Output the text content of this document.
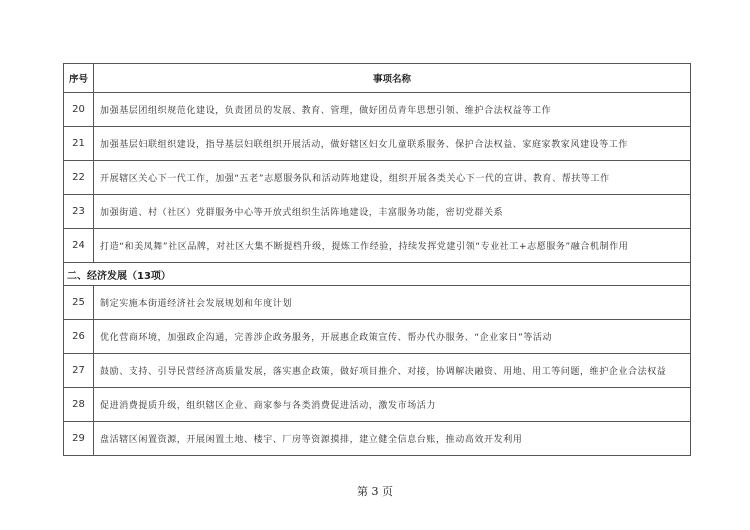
序号	事项名称
20	加强基层团组织规范化建设，负责团员的发展、教育、管理，做好团员青年思想引领、维护合法权益等工作
21	加强基层妇联组织建设，指导基层妇联组织开展活动，做好辖区妇女儿童联系服务、保护合法权益、家庭家教家风建设等工作
22	开展辖区关心下一代工作，加强“五老”志愿服务队和活动阵地建设，组织开展各类关心下一代的宣讲、教育、帮扶等工作
23	加强街道、村（社区）党群服务中心等开放式组织生活阵地建设，丰富服务功能，密切党群关系
24	打造“和美凤舞”社区品牌，对社区大集不断提档升级，提炼工作经验，持续发挥党建引领“专业社工+志愿服务”融合机制作用
二、经济发展（13项）	
25	制定实施本街道经济社会发展规划和年度计划
26	优化营商环境，加强政企沟通，完善涉企政务服务，开展惠企政策宣传、帮办代办服务、“企业家日”等活动
27	鼓励、支持、引导民营经济高质量发展，落实惠企政策，做好项目推介、对接，协调解决融资、用地、用工等问题，维护企业合法权益
28	促进消费提质升级，组织辖区企业、商家参与各类消费促进活动，激发市场活力
29	盘活辖区闲置资源，开展闲置土地、楼宇、厂房等资源摸排，建立健全信息台账，推动高效开发利用
第 3 页
